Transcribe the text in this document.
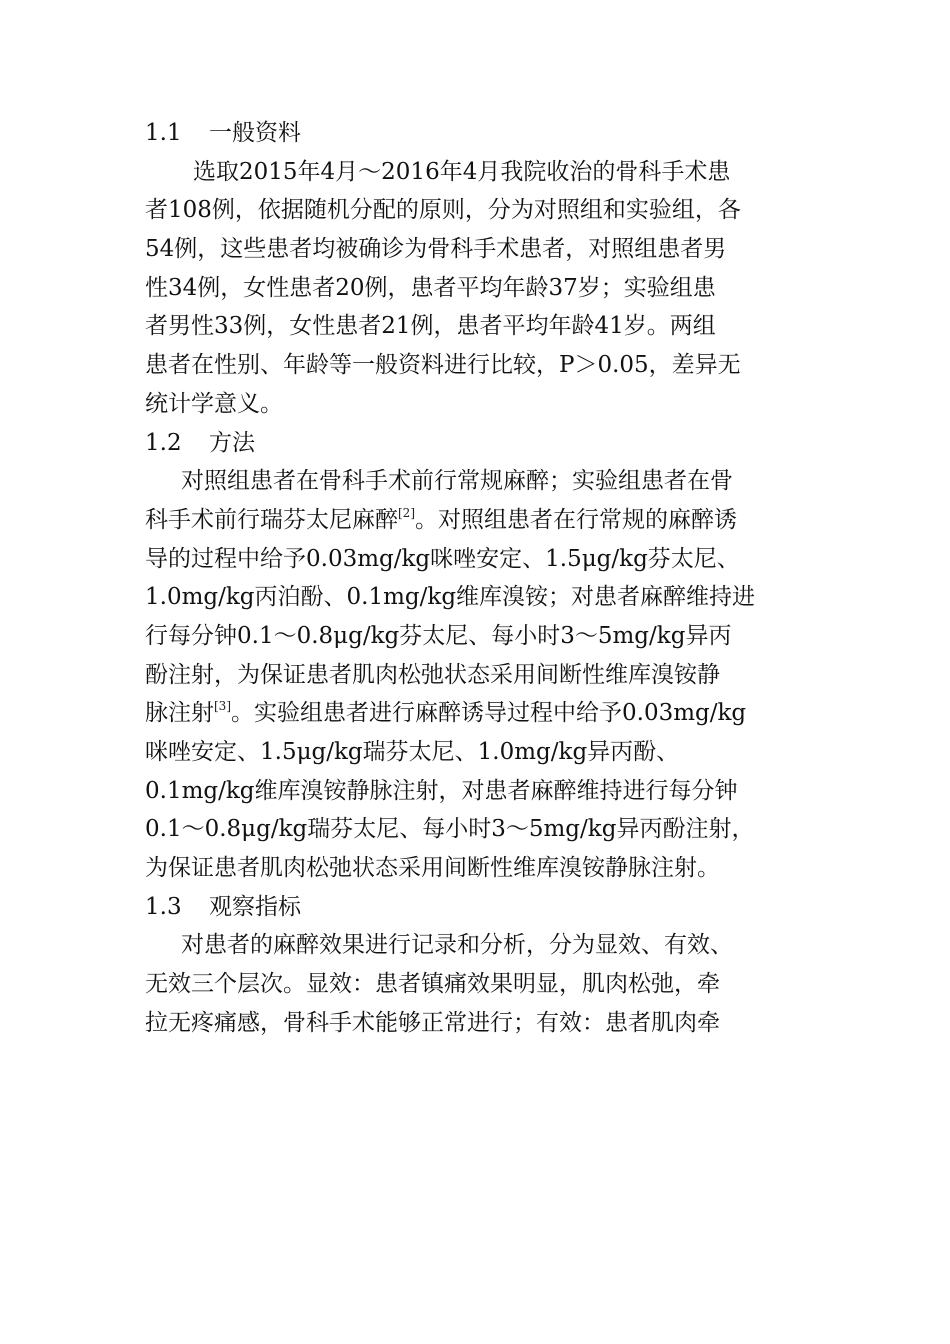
1.1 一般资料
选取2015年4月～2016年4月我院收治的骨科手术患
者108例，依据随机分配的原则，分为对照组和实验组，各
54例，这些患者均被确诊为骨科手术患者，对照组患者男
性34例，女性患者20例，患者平均年龄37岁；实验组患
者男性33例，女性患者21例，患者平均年龄41岁。两组
患者在性别、年龄等一般资料进行比较，P＞0.05，差异无
统计学意义。
1.2 方法
对照组患者在骨科手术前行常规麻醉；实验组患者在骨
科手术前行瑞芬太尼麻醉[2]。对照组患者在行常规的麻醉诱
导的过程中给予0.03mg/kg咪唑安定、1.5μg/kg芬太尼、
1.0mg/kg丙泊酚、0.1mg/kg维库溴铵；对患者麻醉维持进
行每分钟0.1～0.8μg/kg芬太尼、每小时3～5mg/kg异丙
酚注射，为保证患者肌肉松弛状态采用间断性维库溴铵静
脉注射[3]。实验组患者进行麻醉诱导过程中给予0.03mg/kg
咪唑安定、1.5μg/kg瑞芬太尼、1.0mg/kg异丙酚、
0.1mg/kg维库溴铵静脉注射，对患者麻醉维持进行每分钟
0.1～0.8μg/kg瑞芬太尼、每小时3～5mg/kg异丙酚注射，
为保证患者肌肉松弛状态采用间断性维库溴铵静脉注射。
1.3 观察指标
对患者的麻醉效果进行记录和分析，分为显效、有效、
无效三个层次。显效：患者镇痛效果明显，肌肉松弛，牵
拉无疼痛感，骨科手术能够正常进行；有效：患者肌肉牵
